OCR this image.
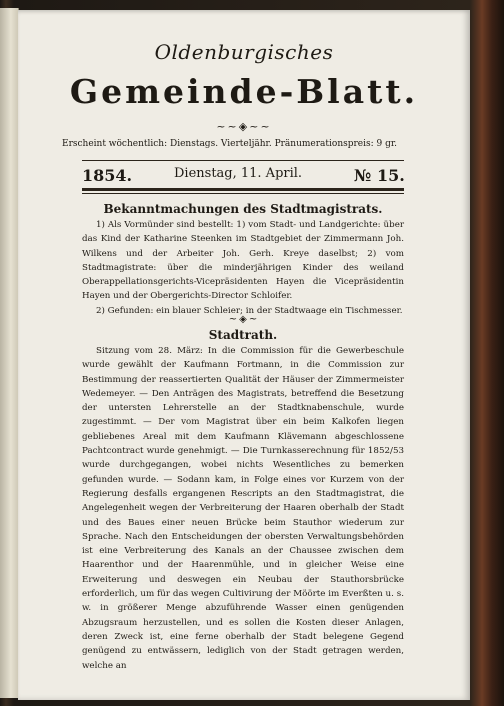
Oldenburgisches
Gemeinde-Blatt.
~~◈~~
Erscheint wöchentlich: Dienstags. Vierteljähr. Pränumerationspreis: 9 gr.
1854.	Dienstag, 11. April.	№ 15.
Bekanntmachungen des Stadtmagistrats.

1) Als Vormünder sind bestellt: 1) vom Stadt- und Landgerichte: über das Kind der Katharine Steenken im Stadtgebiet der Zimmermann Joh. Wilkens und der Arbeiter Joh. Gerh. Kreye daselbst; 2) vom Stadtmagistrate: über die minderjährigen Kinder des weiland Oberappellationsgerichts-Vicepräsidenten Hayen die Vicepräsidentin Hayen und der Obergerichts-Director Schloifer.

2) Gefunden: ein blauer Schleier; in der Stadtwaage ein Tischmesser.

~◈~
Stadtrath.

Sitzung vom 28. März: In die Commission für die Gewerbeschule wurde gewählt der Kaufmann Fortmann, in die Commission zur Bestimmung der reassertierten Qualität der Häuser der Zimmermeister Wedemeyer. — Den Anträgen des Magistrats, betreffend die Besetzung der untersten Lehrerstelle an der Stadtknabenschule, wurde zugestimmt. — Der vom Magistrat über ein beim Kalkofen liegen gebliebenes Areal mit dem Kaufmann Klävemann abgeschlossene Pachtcontract wurde genehmigt. — Die Turnkasserechnung für 1852/53 wurde durchgegangen, wobei nichts Wesentliches zu bemerken gefunden wurde. — Sodann kam, in Folge eines vor Kurzem von der Regierung desfalls ergangenen Rescripts an den Stadtmagistrat, die Angelegenheit wegen der Verbreiterung der Haaren oberhalb der Stadt und des Baues einer neuen Brücke beim Stauthor wiederum zur Sprache. Nach den Entscheidungen der obersten Verwaltungsbehörden ist eine Verbreiterung des Kanals an der Chaussee zwischen dem Haarenthor und der Haarenmühle, und in gleicher Weise eine Erweiterung und deswegen ein Neubau der Stauthorsbrücke erforderlich, um für das wegen Cultivirung der Möörte im Everßten u. s. w. in größerer Menge abzuführende Wasser einen genügenden Abzugsraum herzustellen, und es sollen die Kosten dieser Anlagen, deren Zweck ist, eine ferne oberhalb der Stadt belegene Gegend genügend zu entwässern, lediglich von der Stadt getragen werden, welche an
